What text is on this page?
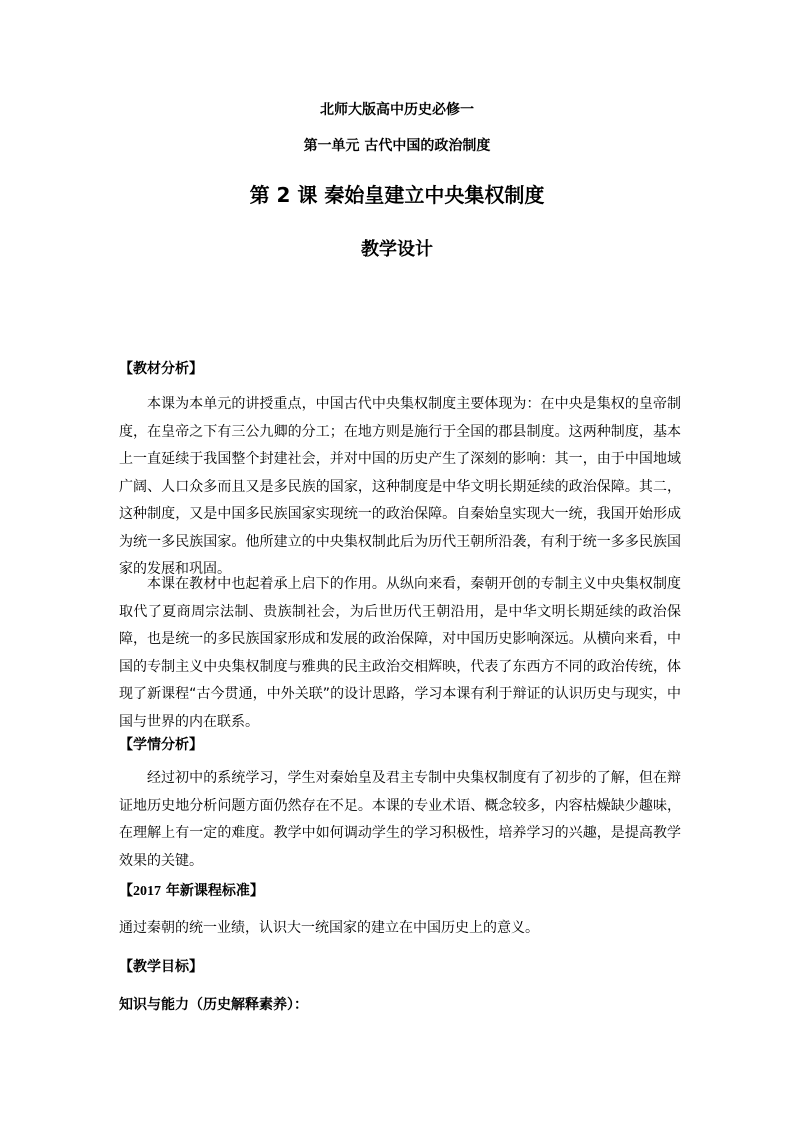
北师大版高中历史必修一
第一单元 古代中国的政治制度
第 2 课 秦始皇建立中央集权制度
教学设计
【教材分析】
本课为本单元的讲授重点，中国古代中央集权制度主要体现为：在中央是集权的皇帝制度，在皇帝之下有三公九卿的分工；在地方则是施行于全国的郡县制度。这两种制度，基本上一直延续于我国整个封建社会，并对中国的历史产生了深刻的影响：其一，由于中国地域广阔、人口众多而且又是多民族的国家，这种制度是中华文明长期延续的政治保障。其二，这种制度，又是中国多民族国家实现统一的政治保障。自秦始皇实现大一统，我国开始形成为统一多民族国家。他所建立的中央集权制此后为历代王朝所沿袭，有利于统一多多民族国家的发展和巩固。
本课在教材中也起着承上启下的作用。从纵向来看，秦朝开创的专制主义中央集权制度取代了夏商周宗法制、贵族制社会，为后世历代王朝沿用，是中华文明长期延续的政治保障，也是统一的多民族国家形成和发展的政治保障，对中国历史影响深远。从横向来看，中国的专制主义中央集权制度与雅典的民主政治交相辉映，代表了东西方不同的政治传统，体现了新课程“古今贯通，中外关联”的设计思路，学习本课有利于辩证的认识历史与现实，中国与世界的内在联系。
【学情分析】
经过初中的系统学习，学生对秦始皇及君主专制中央集权制度有了初步的了解，但在辩证地历史地分析问题方面仍然存在不足。本课的专业术语、概念较多，内容枯燥缺少趣味，在理解上有一定的难度。教学中如何调动学生的学习积极性，培养学习的兴趣，是提高教学效果的关键。
【2017 年新课程标准】
通过秦朝的统一业绩，认识大一统国家的建立在中国历史上的意义。
【教学目标】
知识与能力（历史解释素养）：
